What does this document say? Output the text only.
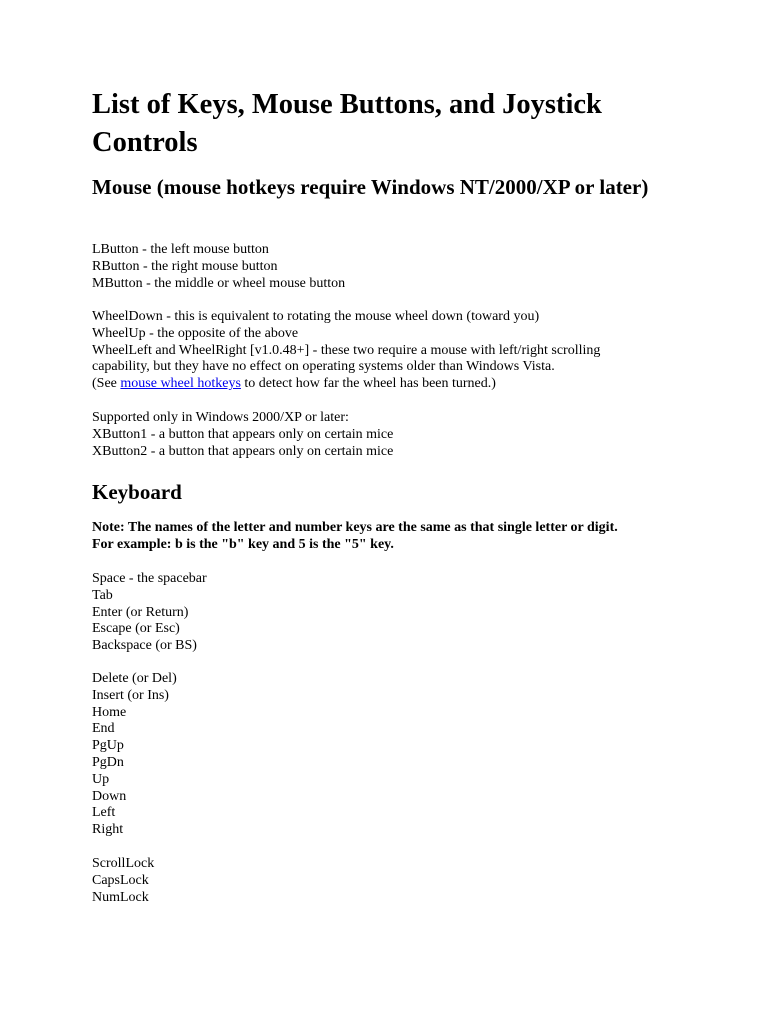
List of Keys, Mouse Buttons, and Joystick Controls
Mouse (mouse hotkeys require Windows NT/2000/XP or later)
LButton - the left mouse button
RButton - the right mouse button
MButton - the middle or wheel mouse button
WheelDown - this is equivalent to rotating the mouse wheel down (toward you)
WheelUp - the opposite of the above
WheelLeft and WheelRight [v1.0.48+] - these two require a mouse with left/right scrolling
capability, but they have no effect on operating systems older than Windows Vista.
(See mouse wheel hotkeys to detect how far the wheel has been turned.)
Supported only in Windows 2000/XP or later:
XButton1 - a button that appears only on certain mice
XButton2 - a button that appears only on certain mice
Keyboard
Note: The names of the letter and number keys are the same as that single letter or digit.
For example: b is the "b" key and 5 is the "5" key.
Space - the spacebar
Tab
Enter (or Return)
Escape (or Esc)
Backspace (or BS)
Delete (or Del)
Insert (or Ins)
Home
End
PgUp
PgDn
Up
Down
Left
Right
ScrollLock
CapsLock
NumLock
